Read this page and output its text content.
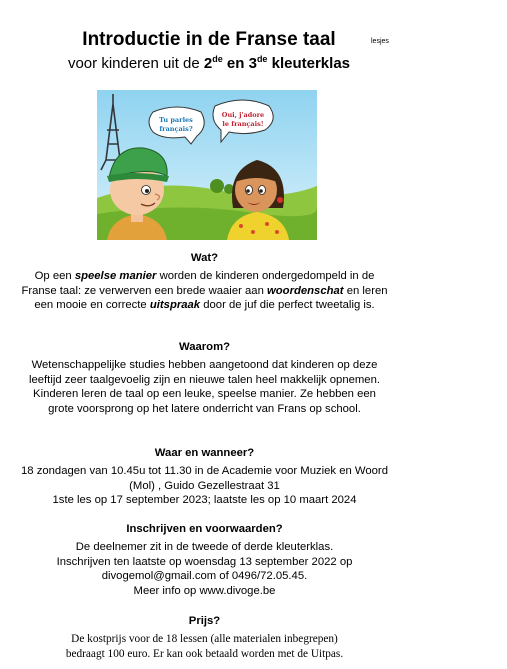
Introductie in de Franse taal	lesjes
voor kinderen uit de 2de en 3de kleuterklas
Tu parles
français?
Oui, j'adore
le français!
Wat?

Op een speelse manier worden de kinderen ondergedompeld in de Franse taal: ze verwerven een brede waaier aan woordenschat en leren een mooie en correcte uitspraak door de juf die perfect tweetalig is.

Waarom?

Wetenschappelijke studies hebben aangetoond dat kinderen op deze leeftijd zeer taalgevoelig zijn en nieuwe talen heel makkelijk opnemen. Kinderen leren de taal op een leuke, speelse manier. Ze hebben een grote voorsprong op het latere onderricht van Frans op school.

Waar en wanneer?

18 zondagen van 10.45u tot 11.30 in de Academie voor Muziek en Woord (Mol) , Guido Gezellestraat 31

1ste les op 17 september 2023; laatste les op 10 maart 2024

Inschrijven en voorwaarden?

De deelnemer zit in de tweede of derde kleuterklas.

Inschrijven ten laatste op woensdag 13 september 2022 op divogemol@gmail.com of 0496/72.05.45.

Meer info op www.divoge.be

Prijs?

De kostprijs voor de 18 lessen (alle materialen inbegrepen)

bedraagt 100 euro. Er kan ook betaald worden met de Uitpas.
